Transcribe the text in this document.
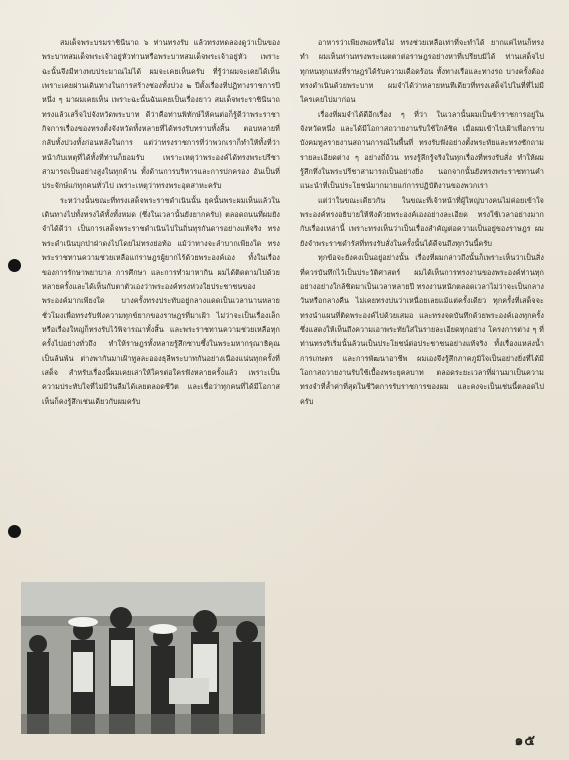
สมเด็จพระบรมราชินีนาถ ๖ ท่านทรงรับ แล้วทรงทดลองดูว่าเป็นของพระบาทสมเด็จพระเจ้าอยู่หัวท่านหรือพระบาทสมเด็จพระเจ้าอยู่หัว เพราะฉะนั้นจึงมีทางพบประมาณไม่ได้ ผมจะเคยเห็นครับ ที่รู้ว่าผมจะเคยได้เห็นเพราะเคยผ่านเดินทางในการสร้างช่องทั้งปวง ๒ ปีตั้งเรื่องที่ปฏิทางราชการปีหนึ่ง ๆ มาผมเคยเห็น เพราะฉะนั้นฉันเคยเป็นเรื่องยาว สมเด็จพระราชินีนาถทรงแล้วเสร็จไปจังหวัดพระบาท ดีว่าคือท่านพิทักษ์ให้คนต่อก็รู้ดีว่าพระราชากิจการเรื่องของทรงตั้งจังหวัดทั้งหลายที่ได้ทรงรับทราบทั้งสิ้น ตอบหลายที่กลับทั้งปวงทั้งก่อนหลังในการ แต่ว่าทรงราชการที่ว่าพวกเราก็ทำให้ทั้งที่ว่าหน้ากับเหตุที่ได้ทั้งที่ท่านก็ยอมรับ เพราะเหตุว่าพระองค์ได้ทรงพระปรีชาสามารถเป็นอย่างสูงในทุกด้าน ทั้งด้านการบริหารและการปกครอง อันเป็นที่ประจักษ์แก่ทุกคนทั่วไป เพราะเหตุว่าทรงพระอุตสาหะครับ

ระหว่างนั้นขณะที่ทรงเสด็จพระราชดำเนินนั้น ยุคนั้นพระผมเห็นแล้วในเดินทางไปทั้งทรงได้ทั้งทั้งหมด (ซึ่งในเวลานั้นยังยากครับ) ตลอดถนนที่ผมยังจำได้ดีว่า เป็นการเสด็จพระราชดำเนินไปในถิ่นทุรกันดารอย่างแท้จริง ทรงพระดำเนินบุกป่าฝ่าดงไปโดยไม่ทรงย่อท้อ แม้ว่าทางจะลำบากเพียงใด ทรงพระราชทานความช่วยเหลือแก่ราษฎรผู้ยากไร้ด้วยพระองค์เอง ทั้งในเรื่องของการรักษาพยาบาล การศึกษา และการทำมาหากิน ผมได้ติดตามไปด้วยหลายครั้งและได้เห็นกับตาตัวเองว่าพระองค์ทรงห่วงใยประชาชนของพระองค์มากเพียงใด บางครั้งทรงประทับอยู่กลางแดดเป็นเวลานานหลายชั่วโมงเพื่อทรงรับฟังความทุกข์ยากของราษฎรที่มาเฝ้า ไม่ว่าจะเป็นเรื่องเล็กหรือเรื่องใหญ่ก็ทรงรับไว้พิจารณาทั้งสิ้น และพระราชทานความช่วยเหลือทุกครั้งไปอย่างทั่วถึง ทำให้ราษฎรทั้งหลายรู้สึกซาบซึ้งในพระมหากรุณาธิคุณเป็นล้นพ้น ต่างพากันมาเฝ้าทูลละอองธุลีพระบาทกันอย่างเนืองแน่นทุกครั้งที่เสด็จ สำหรับเรื่องนี้ผมเคยเล่าให้ใครต่อใครฟังหลายครั้งแล้ว เพราะเป็นความประทับใจที่ไม่มีวันลืมได้เลยตลอดชีวิต และเชื่อว่าทุกคนที่ได้มีโอกาสเห็นก็คงรู้สึกเช่นเดียวกับผมครับ

อาหารว่าเพียงพอหรือไม่ ทรงช่วยเหลือเท่าที่จะทำได้ ยากแค่ไหนก็ทรงทำ ผมเห็นท่านทรงพระเมตตาต่อราษฎรอย่างหาที่เปรียบมิได้ ท่านเสด็จไปทุกหนทุกแห่งที่ราษฎรได้รับความเดือดร้อน ทั้งทางเรือและทางรถ บางครั้งต้องทรงดำเนินด้วยพระบาท ผมจำได้ว่าหลายหนทีเดียวที่ทรงเสด็จไปในที่ที่ไม่มีใครเคยไปมาก่อน

เรื่องที่ผมจำได้ดีอีกเรื่อง ๆ ที่ว่า ในเวลานั้นผมเป็นข้าราชการอยู่ในจังหวัดหนึ่ง และได้มีโอกาสถวายงานรับใช้ใกล้ชิด เมื่อผมเข้าไปเฝ้าเพื่อกราบบังคมทูลรายงานสถานการณ์ในพื้นที่ ทรงรับฟังอย่างตั้งพระทัยและทรงซักถามรายละเอียดต่าง ๆ อย่างถี่ถ้วน ทรงรู้ลึกรู้จริงในทุกเรื่องที่ทรงรับสั่ง ทำให้ผมรู้สึกทึ่งในพระปรีชาสามารถเป็นอย่างยิ่ง นอกจากนั้นยังทรงพระราชทานคำแนะนำที่เป็นประโยชน์มากมายแก่การปฏิบัติงานของพวกเรา

แต่ว่าในขณะเดียวกัน ในขณะที่เจ้าหน้าที่ผู้ใหญ่บางคนไม่ค่อยเข้าใจ พระองค์ทรงอธิบายให้ฟังด้วยพระองค์เองอย่างละเอียด ทรงใช้เวลาอย่างมากกับเรื่องเหล่านี้ เพราะทรงเห็นว่าเป็นเรื่องสำคัญต่อความเป็นอยู่ของราษฎร ผมยังจำพระราชดำรัสที่ทรงรับสั่งในครั้งนั้นได้ดีจนถึงทุกวันนี้ครับ

ทุกข้อจะยังคงเป็นอยู่อย่างนั้น เรื่องที่ผมกล่าวถึงนั้นก็เพราะเห็นว่าเป็นสิ่งที่ควรบันทึกไว้เป็นประวัติศาสตร์ ผมได้เห็นการทรงงานของพระองค์ท่านทุกอย่างอย่างใกล้ชิดมาเป็นเวลาหลายปี ทรงงานหนักตลอดเวลาไม่ว่าจะเป็นกลางวันหรือกลางคืน ไม่เคยทรงบ่นว่าเหนื่อยเลยแม้แต่ครั้งเดียว ทุกครั้งที่เสด็จจะทรงนำแผนที่ติดพระองค์ไปด้วยเสมอ และทรงจดบันทึกด้วยพระองค์เองทุกครั้ง ซึ่งแสดงให้เห็นถึงความเอาพระทัยใส่ในรายละเอียดทุกอย่าง โครงการต่าง ๆ ที่ท่านทรงริเริ่มนั้นล้วนเป็นประโยชน์ต่อประชาชนอย่างแท้จริง ทั้งเรื่องแหล่งน้ำ การเกษตร และการพัฒนาอาชีพ ผมเองจึงรู้สึกภาคภูมิใจเป็นอย่างยิ่งที่ได้มีโอกาสถวายงานรับใช้เบื้องพระยุคลบาท ตลอดระยะเวลาที่ผ่านมาเป็นความทรงจำที่ล้ำค่าที่สุดในชีวิตการรับราชการของผม และคงจะเป็นเช่นนี้ตลอดไปครับ

๑๕
